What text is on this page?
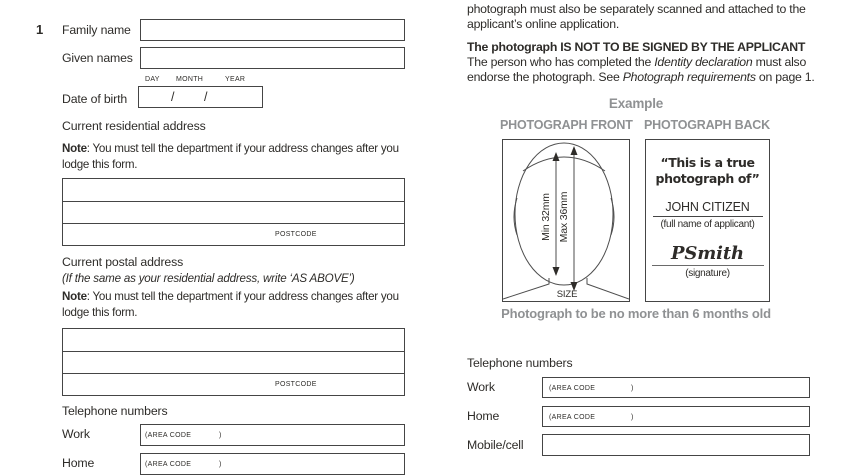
1 Family name
Given names
DAY MONTH	YEAR
Date of birth	/ /
Current residential address
Note: You must tell the department if your address changes after you lodge this form.
POSTCODE
Current postal address
(If the same as your residential address, write ‘AS ABOVE’)
Note: You must tell the department if your address changes after you lodge this form.
POSTCODE
Telephone numbers
Work	(AREA CODE	)
Home	(AREA CODE	)
photograph must also be separately scanned and attached to the applicant’s online application.
The photograph IS NOT TO BE SIGNED BY THE APPLICANT
The person who has completed the Identity declaration must also endorse the photograph. See Photograph requirements on page 1.
Example
PHOTOGRAPH FRONT PHOTOGRAPH BACK
Min 32mm Max 36mm
SIZE
“This is a true photograph of”
JOHN CITIZEN
(full name of applicant)
PSmith
(signature)
Photograph to be no more than 6 months old
Telephone numbers
Work	(AREA CODE	)
Home	(AREA CODE	)
Mobile/cell
